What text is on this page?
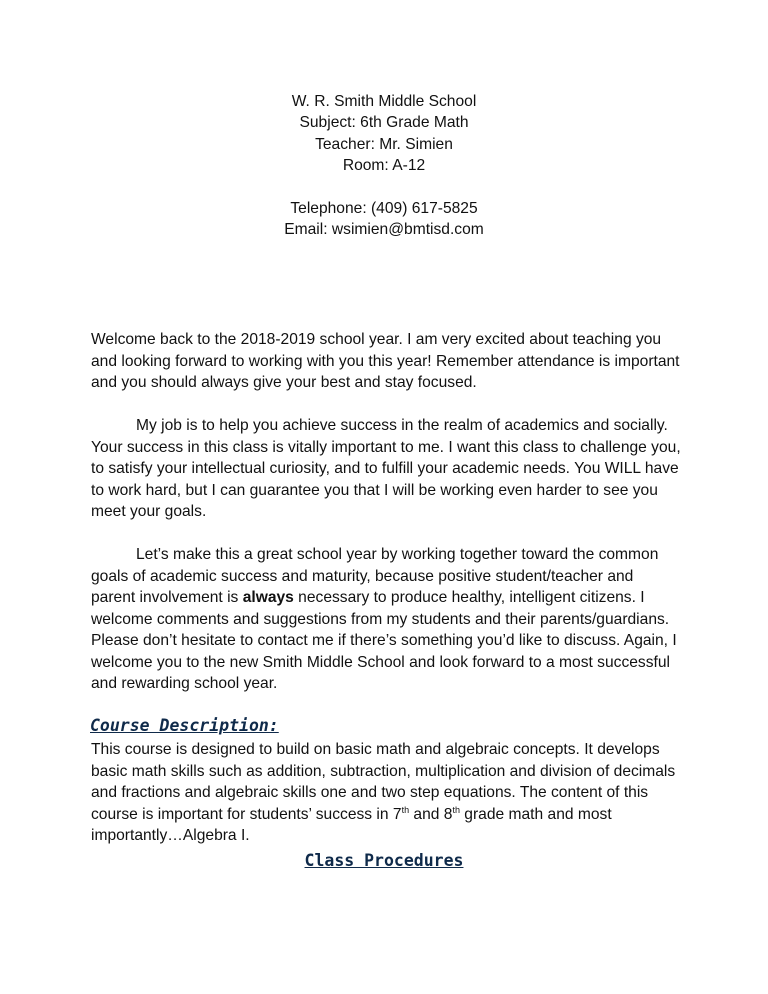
W. R. Smith Middle School
Subject: 6th Grade Math
Teacher: Mr. Simien
Room: A-12
Telephone: (409) 617-5825
Email: wsimien@bmtisd.com

Welcome back to the 2018-2019 school year. I am very excited about teaching you and looking forward to working with you this year! Remember attendance is important and you should always give your best and stay focused.

My job is to help you achieve success in the realm of academics and socially. Your success in this class is vitally important to me. I want this class to challenge you, to satisfy your intellectual curiosity, and to fulfill your academic needs. You WILL have to work hard, but I can guarantee you that I will be working even harder to see you meet your goals.

Let’s make this a great school year by working together toward the common goals of academic success and maturity, because positive student/teacher and parent involvement is always necessary to produce healthy, intelligent citizens. I welcome comments and suggestions from my students and their parents/guardians. Please don’t hesitate to contact me if there’s something you’d like to discuss. Again, I welcome you to the new Smith Middle School and look forward to a most successful and rewarding school year.

Course Description:
This course is designed to build on basic math and algebraic concepts. It develops basic math skills such as addition, subtraction, multiplication and division of decimals and fractions and algebraic skills one and two step equations. The content of this course is important for students’ success in 7th and 8th grade math and most importantly…Algebra I.
Class Procedures
